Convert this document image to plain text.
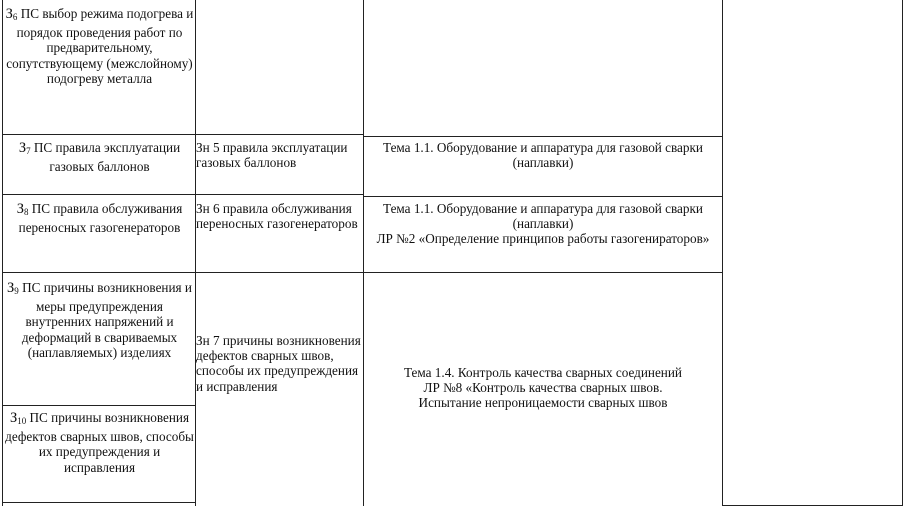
$З_6$ ПС выбор режима подогрева и порядок проведения работ по предварительному, сопутствующему (межслойному) подогреву металла
$З_7$ ПС правила эксплуатации газовых баллонов
Зн 5 правила эксплуатации газовых баллонов
Тема 1.1. Оборудование и аппаратура для газовой сварки (наплавки)
$З_8$ ПС правила обслуживания переносных газогенераторов
Зн 6 правила обслуживания переносных газогенераторов
Тема 1.1. Оборудование и аппаратура для газовой сварки (наплавки)
ЛР №2 «Определение принципов работы газогенираторов»
$З_9$ ПС причины возникновения и меры предупреждения внутренних напряжений и деформаций в свариваемых (наплавляемых) изделиях
$З_{10}$ ПС причины возникновения дефектов сварных швов, способы их предупреждения и исправления
Зн 7 причины возникновения дефектов сварных швов, способы их предупреждения и исправления
Тема 1.4. Контроль качества сварных соединений
ЛР №8 «Контроль качества сварных швов.
Испытание непроницаемости сварных швов
